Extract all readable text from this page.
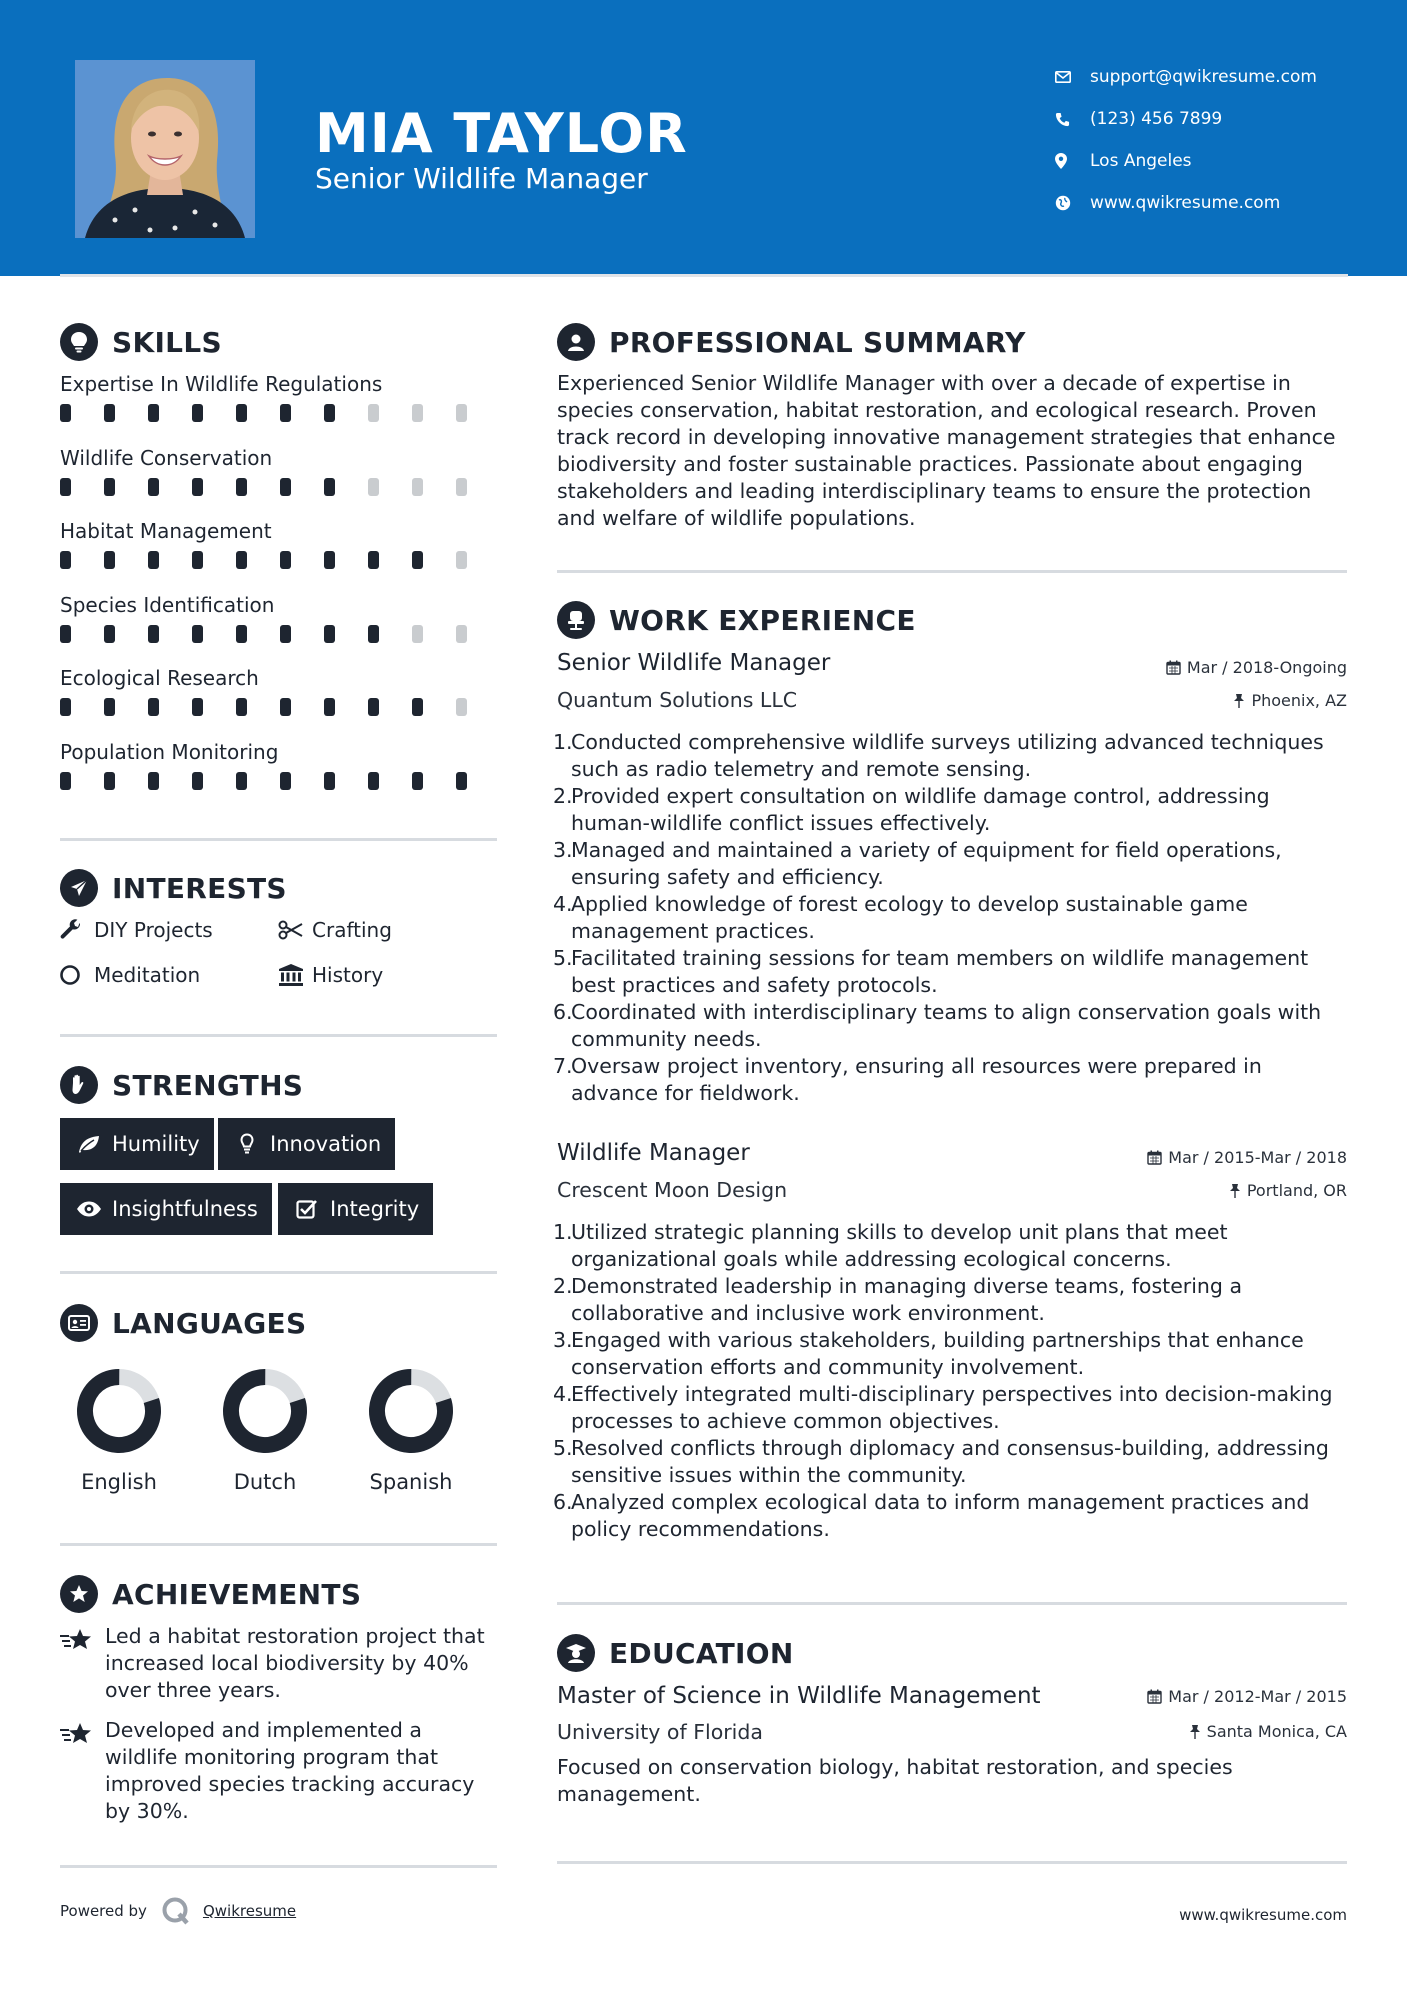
MIA TAYLOR
Senior Wildlife Manager
support@qwikresume.com
(123) 456 7899
Los Angeles
www.qwikresume.com
SKILLS
Expertise In Wildlife Regulations
Wildlife Conservation
Habitat Management
Species Identification
Ecological Research
Population Monitoring
INTERESTS
DIY Projects	Crafting
Meditation	History
STRENGTHS
Humility	Innovation
Insightfulness	Integrity
LANGUAGES
English	Dutch	Spanish
ACHIEVEMENTS
Led a habitat restoration project that increased local biodiversity by 40% over three years.
Developed and implemented a wildlife monitoring program that improved species tracking accuracy by 30%.
PROFESSIONAL SUMMARY
Experienced Senior Wildlife Manager with over a decade of expertise in species conservation, habitat restoration, and ecological research. Proven track record in developing innovative management strategies that enhance biodiversity and foster sustainable practices. Passionate about engaging stakeholders and leading interdisciplinary teams to ensure the protection and welfare of wildlife populations.
WORK EXPERIENCE
Senior Wildlife Manager	Mar / 2018-Ongoing
Quantum Solutions LLC	Phoenix, AZ
1.
Conducted comprehensive wildlife surveys utilizing advanced techniques such as radio telemetry and remote sensing.
2.
Provided expert consultation on wildlife damage control, addressing human-wildlife conflict issues effectively.
3.
Managed and maintained a variety of equipment for field operations, ensuring safety and efficiency.
4.
Applied knowledge of forest ecology to develop sustainable game management practices.
5.
Facilitated training sessions for team members on wildlife management best practices and safety protocols.
6.
Coordinated with interdisciplinary teams to align conservation goals with community needs.
7.
Oversaw project inventory, ensuring all resources were prepared in advance for fieldwork.
Wildlife Manager	Mar / 2015-Mar / 2018
Crescent Moon Design	Portland, OR
1.
Utilized strategic planning skills to develop unit plans that meet organizational goals while addressing ecological concerns.
2.
Demonstrated leadership in managing diverse teams, fostering a collaborative and inclusive work environment.
3.
Engaged with various stakeholders, building partnerships that enhance conservation efforts and community involvement.
4.
Effectively integrated multi-disciplinary perspectives into decision-making processes to achieve common objectives.
5.
Resolved conflicts through diplomacy and consensus-building, addressing sensitive issues within the community.
6.
Analyzed complex ecological data to inform management practices and policy recommendations.
EDUCATION
Master of Science in Wildlife Management	Mar / 2012-Mar / 2015
University of Florida	Santa Monica, CA
Focused on conservation biology, habitat restoration, and species management.
Powered by	Qwikresume	www.qwikresume.com
